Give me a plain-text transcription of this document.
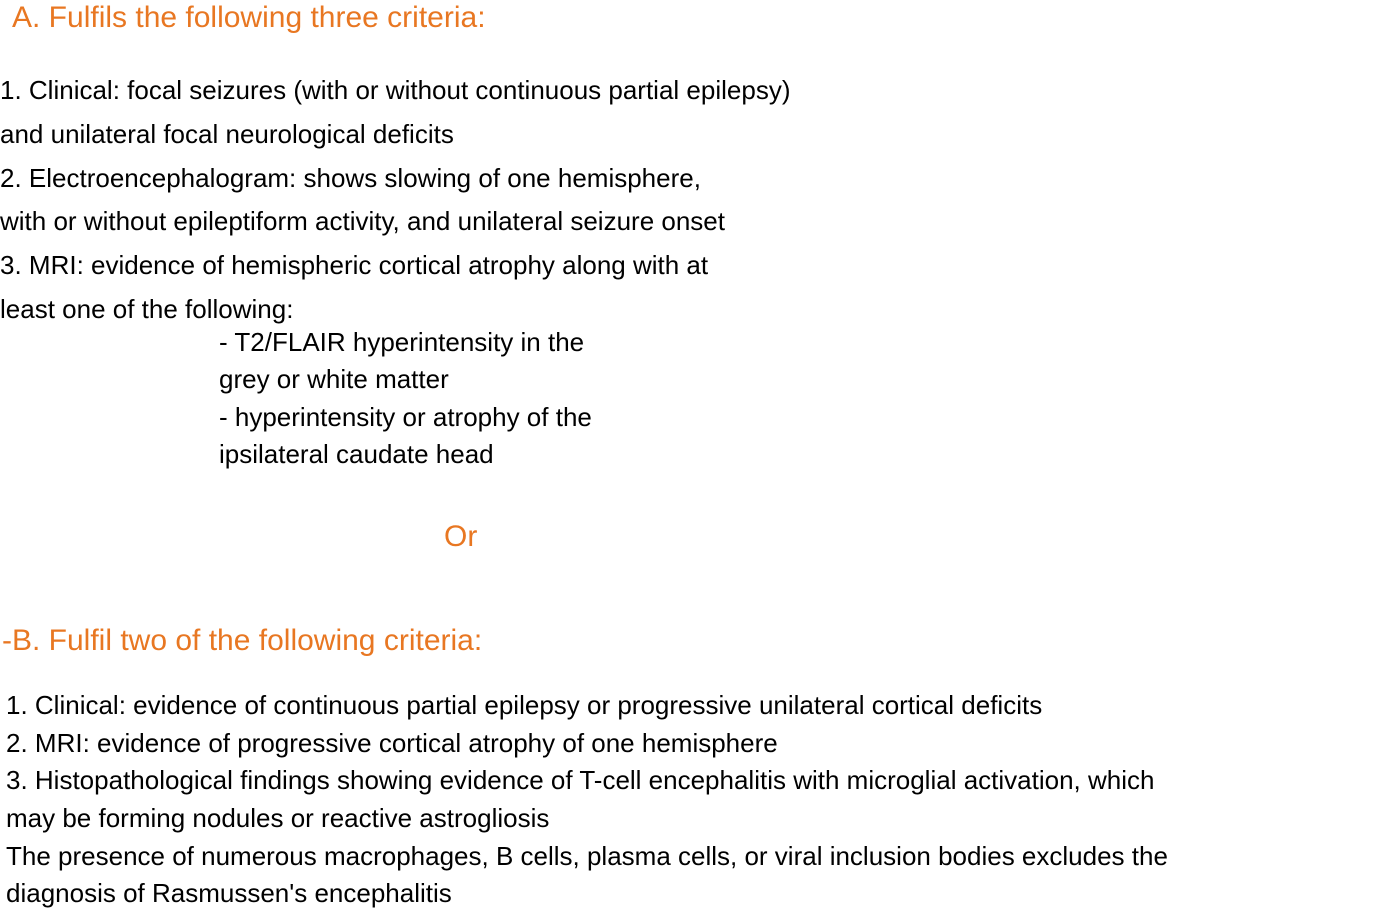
A. Fulfils the following three criteria:
1. Clinical: focal seizures (with or without continuous partial epilepsy)
and unilateral focal neurological deficits
2. Electroencephalogram: shows slowing of one hemisphere,
with or without epileptiform activity, and unilateral seizure onset
3. MRI: evidence of hemispheric cortical atrophy along with at
least one of the following:
- T2/FLAIR hyperintensity in the
grey or white matter
- hyperintensity or atrophy of the
ipsilateral caudate head
Or
-B. Fulfil two of the following criteria:
1. Clinical: evidence of continuous partial epilepsy or progressive unilateral cortical deficits
2. MRI: evidence of progressive cortical atrophy of one hemisphere
3. Histopathological findings showing evidence of T-cell encephalitis with microglial activation, which
may be forming nodules or reactive astrogliosis
The presence of numerous macrophages, B cells, plasma cells, or viral inclusion bodies excludes the
diagnosis of Rasmussen's encephalitis
